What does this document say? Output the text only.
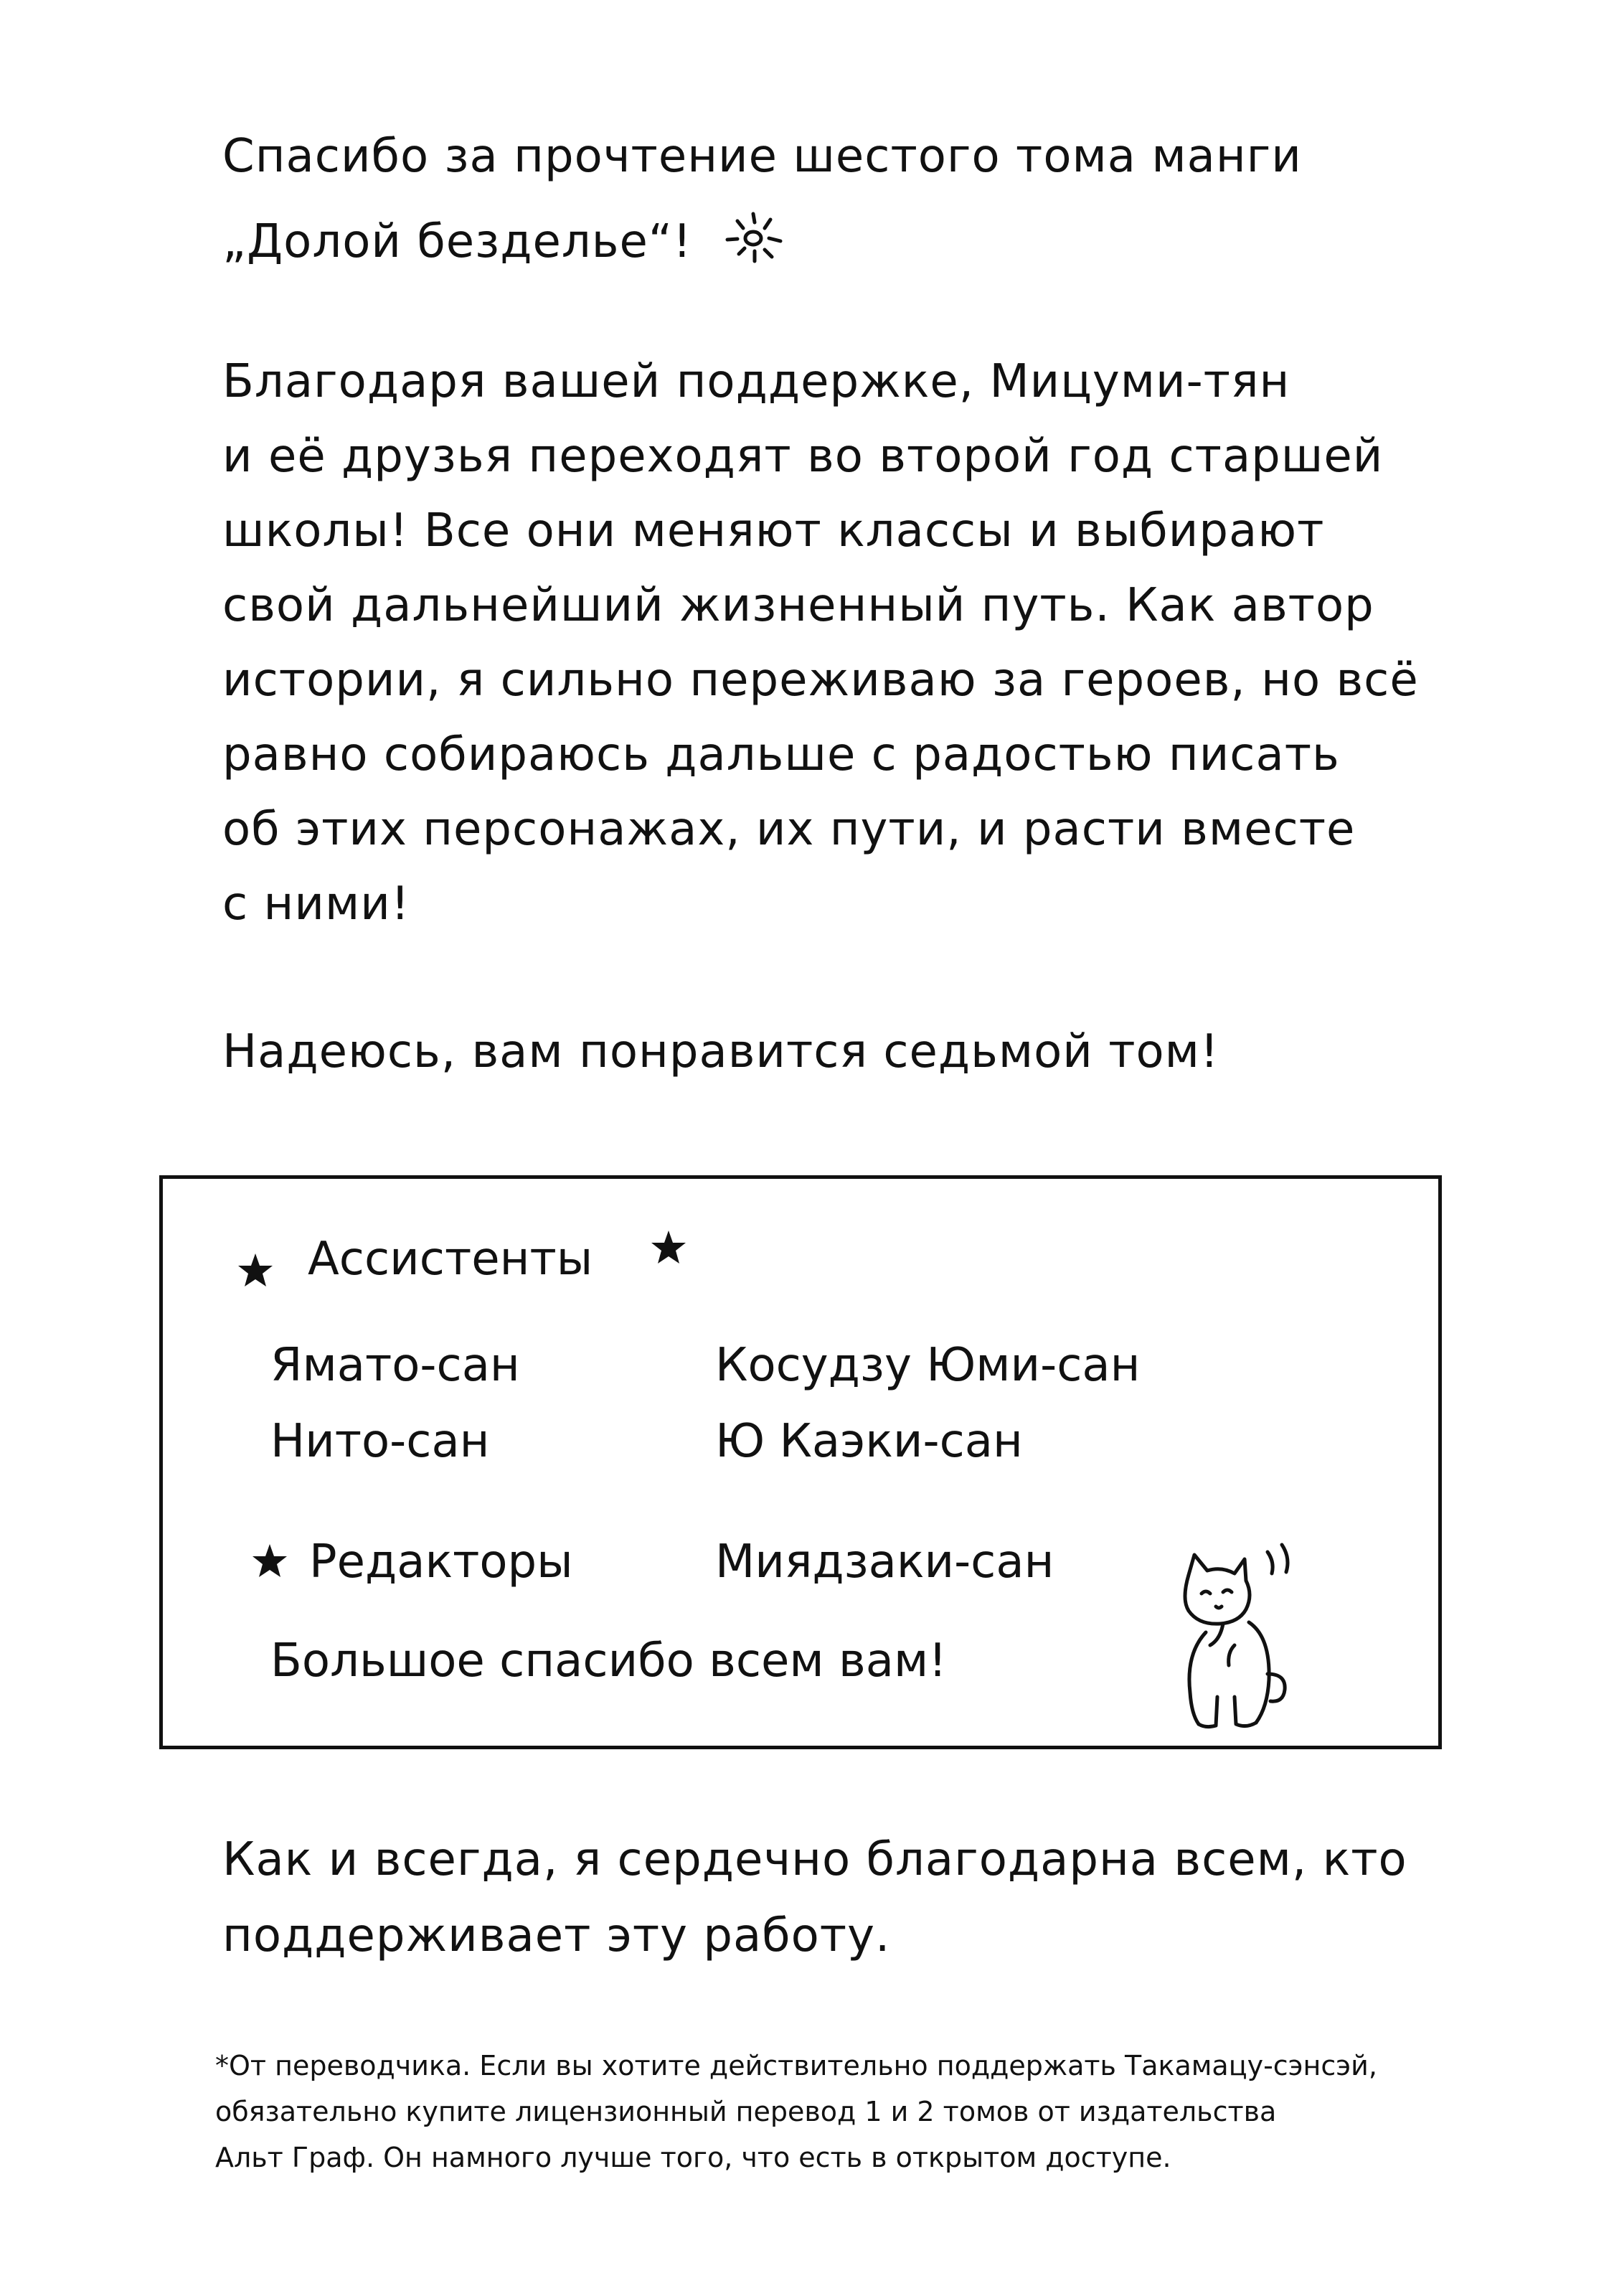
Спасибо за прочтение шестого тома манги
„Долой безделье“!
Благодаря вашей поддержке, Мицуми-тян
и её друзья переходят во второй год старшей
школы! Все они меняют классы и выбирают
свой дальнейший жизненный путь. Как автор
истории, я сильно переживаю за героев, но всё
равно собираюсь дальше с радостью писать
об этих персонажах, их пути, и расти вместе
с ними!
Надеюсь, вам понравится седьмой том!
Ассистенты
Ямато-сан	Косудзу Юми-сан
Нито-сан	Ю Каэки-сан
Редакторы	Миядзаки-сан
Большое спасибо всем вам!
Как и всегда, я сердечно благодарна всем, кто
поддерживает эту работу.
*От переводчика. Если вы хотите действительно поддержать Такамацу-сэнсэй,
обязательно купите лицензионный перевод 1 и 2 томов от издательства
Альт Граф. Он намного лучше того, что есть в открытом доступе.
